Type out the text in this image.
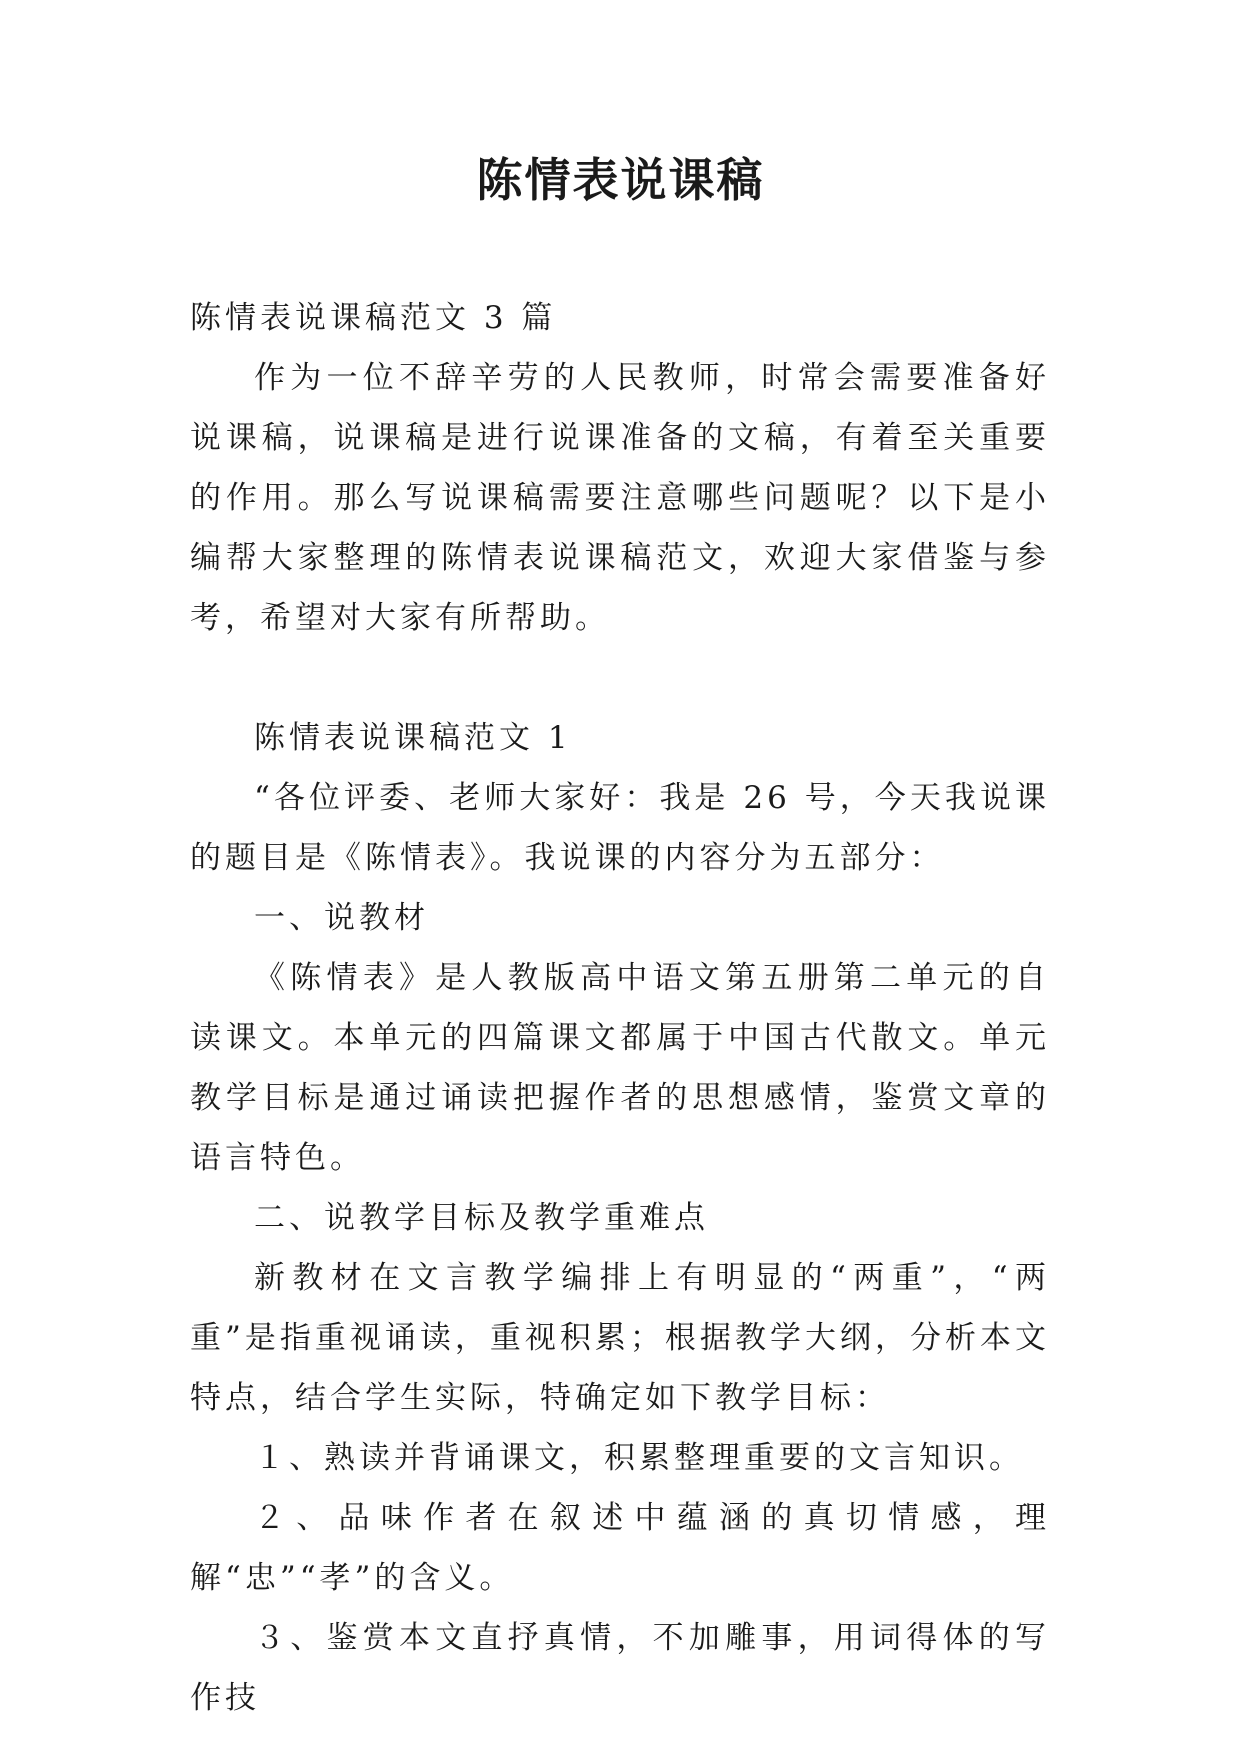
陈情表说课稿

陈情表说课稿范文 3 篇

作为一位不辞辛劳的人民教师，时常会需要准备好说课稿，说课稿是进行说课准备的文稿，有着至关重要的作用。那么写说课稿需要注意哪些问题呢？以下是小编帮大家整理的陈情表说课稿范文，欢迎大家借鉴与参考，希望对大家有所帮助。

陈情表说课稿范文 1

“各位评委、老师大家好：我是 26 号，今天我说课的题目是《陈情表》。我说课的内容分为五部分：

一、说教材

《陈情表》是人教版高中语文第五册第二单元的自读课文。本单元的四篇课文都属于中国古代散文。单元教学目标是通过诵读把握作者的思想感情，鉴赏文章的语言特色。

二、说教学目标及教学重难点

新教材在文言教学编排上有明显的“两重”，“两重”是指重视诵读，重视积累；根据教学大纲，分析本文特点，结合学生实际，特确定如下教学目标：

１、熟读并背诵课文，积累整理重要的文言知识。

２、品味作者在叙述中蕴涵的真切情感，理解“忠”“孝”的含义。

３、鉴赏本文直抒真情，不加雕事，用词得体的写作技
